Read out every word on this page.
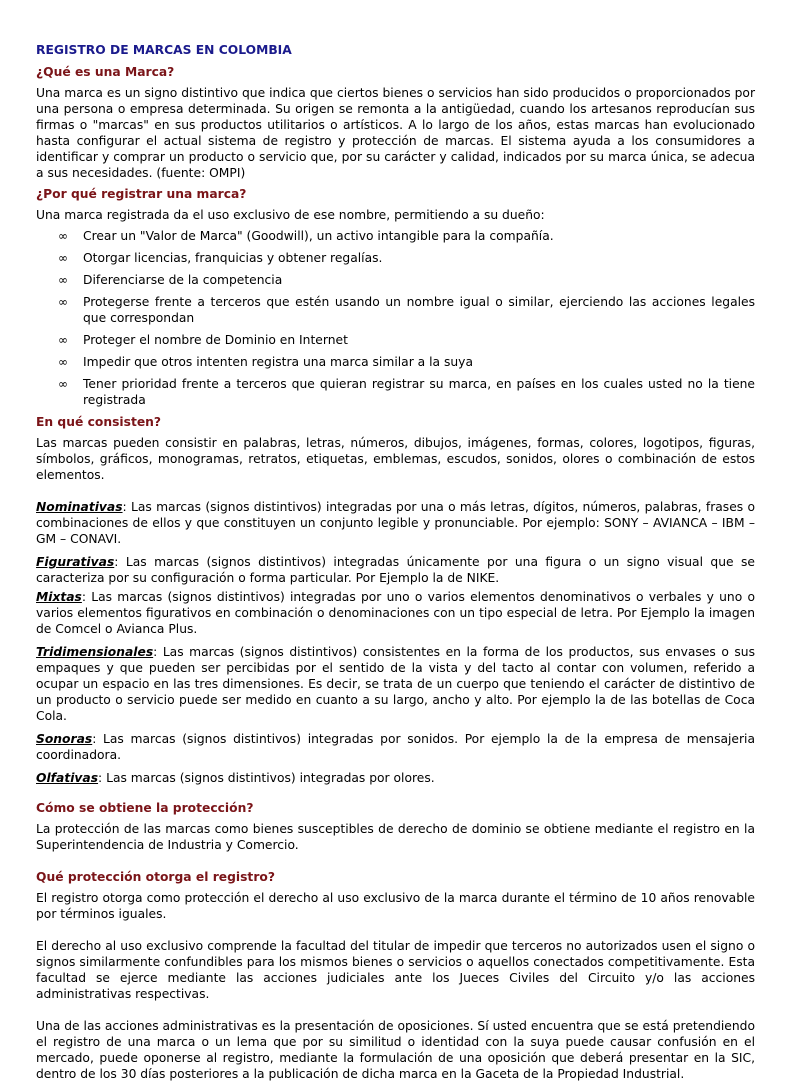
REGISTRO DE MARCAS EN COLOMBIA
¿Qué es una Marca?

Una marca es un signo distintivo que indica que ciertos bienes o servicios han sido producidos o proporcionados por una persona o empresa determinada. Su origen se remonta a la antigüedad, cuando los artesanos reproducían sus firmas o "marcas" en sus productos utilitarios o artísticos. A lo largo de los años, estas marcas han evolucionado hasta configurar el actual sistema de registro y protección de marcas. El sistema ayuda a los consumidores a identificar y comprar un producto o servicio que, por su carácter y calidad, indicados por su marca única, se adecua a sus necesidades. (fuente: OMPI)

¿Por qué registrar una marca?

Una marca registrada da el uso exclusivo de ese nombre, permitiendo a su dueño:

∞ Crear un "Valor de Marca" (Goodwill), un activo intangible para la compañía.
∞ Otorgar licencias, franquicias y obtener regalías.
∞ Diferenciarse de la competencia
∞ Protegerse frente a terceros que estén usando un nombre igual o similar, ejerciendo las acciones legales que correspondan
∞ Proteger el nombre de Dominio en Internet
∞ Impedir que otros intenten registra una marca similar a la suya
∞ Tener prioridad frente a terceros que quieran registrar su marca, en países en los cuales usted no la tiene registrada
En qué consisten?

Las marcas pueden consistir en palabras, letras, números, dibujos, imágenes, formas, colores, logotipos, figuras, símbolos, gráficos, monogramas, retratos, etiquetas, emblemas, escudos, sonidos, olores o combinación de estos elementos.

Nominativas: Las marcas (signos distintivos) integradas por una o más letras, dígitos, números, palabras, frases o combinaciones de ellos y que constituyen un conjunto legible y pronunciable. Por ejemplo: SONY – AVIANCA – IBM – GM – CONAVI.

Figurativas: Las marcas (signos distintivos) integradas únicamente por una figura o un signo visual que se caracteriza por su configuración o forma particular. Por Ejemplo la de NIKE.

Mixtas: Las marcas (signos distintivos) integradas por uno o varios elementos denominativos o verbales y uno o varios elementos figurativos en combinación o denominaciones con un tipo especial de letra. Por Ejemplo la imagen de Comcel o Avianca Plus.

Tridimensionales: Las marcas (signos distintivos) consistentes en la forma de los productos, sus envases o sus empaques y que pueden ser percibidas por el sentido de la vista y del tacto al contar con volumen, referido a ocupar un espacio en las tres dimensiones. Es decir, se trata de un cuerpo que teniendo el carácter de distintivo de un producto o servicio puede ser medido en cuanto a su largo, ancho y alto. Por ejemplo la de las botellas de Coca Cola.

Sonoras: Las marcas (signos distintivos) integradas por sonidos. Por ejemplo la de la empresa de mensajeria coordinadora.

Olfativas: Las marcas (signos distintivos) integradas por olores.

Cómo se obtiene la protección?

La protección de las marcas como bienes susceptibles de derecho de dominio se obtiene mediante el registro en la Superintendencia de Industria y Comercio.

Qué protección otorga el registro?

El registro otorga como protección el derecho al uso exclusivo de la marca durante el término de 10 años renovable por términos iguales.

El derecho al uso exclusivo comprende la facultad del titular de impedir que terceros no autorizados usen el signo o signos similarmente confundibles para los mismos bienes o servicios o aquellos conectados competitivamente. Esta facultad se ejerce mediante las acciones judiciales ante los Jueces Civiles del Circuito y/o las acciones administrativas respectivas.

Una de las acciones administrativas es la presentación de oposiciones. Sí usted encuentra que se está pretendiendo el registro de una marca o un lema que por su similitud o identidad con la suya puede causar confusión en el mercado, puede oponerse al registro, mediante la formulación de una oposición que deberá presentar en la SIC, dentro de los 30 días posteriores a la publicación de dicha marca en la Gaceta de la Propiedad Industrial.
